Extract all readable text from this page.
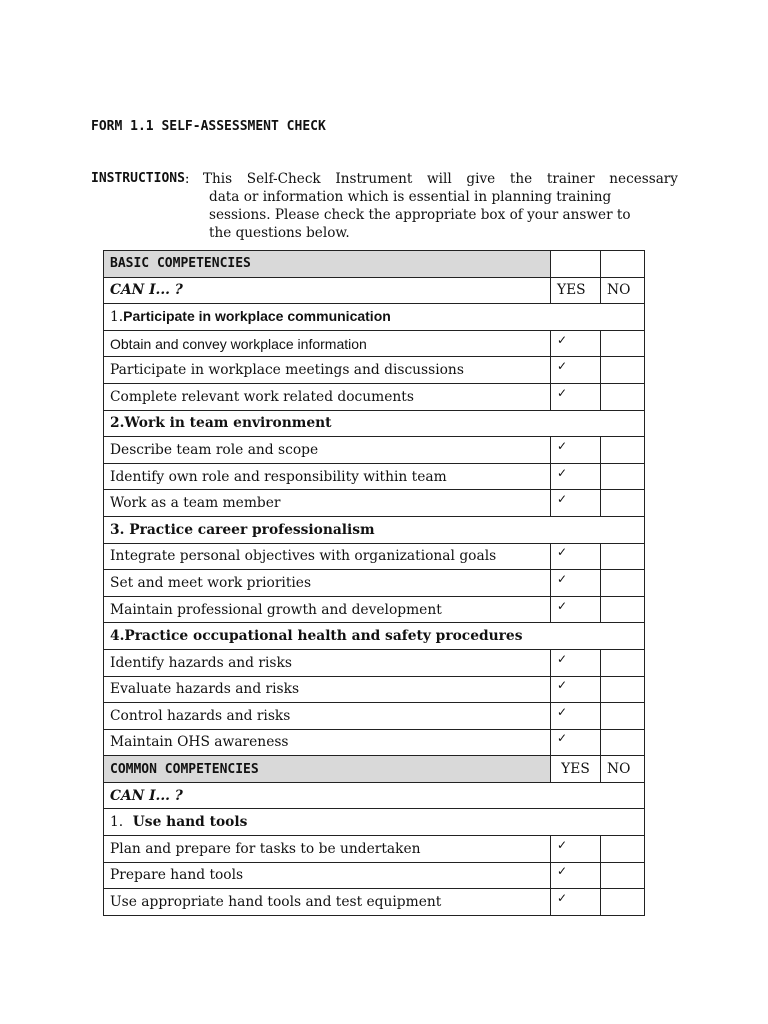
FORM 1.1 SELF-ASSESSMENT CHECK
INSTRUCTIONS : This Self-Check Instrument will give the trainer necessary
data or information which is essential in planning training
sessions. Please check the appropriate box of your answer to
the questions below.
BASIC COMPETENCIES		
CAN I... ?	YES	NO
1.Participate in workplace communication		
Obtain and convey workplace information	✓	
Participate in workplace meetings and discussions	✓	
Complete relevant work related documents	✓	
2.Work in team environment		
Describe team role and scope	✓	
Identify own role and responsibility within team	✓	
Work as a team member	✓	
3. Practice career professionalism		
Integrate personal objectives with organizational goals	✓	
Set and meet work priorities	✓	
Maintain professional growth and development	✓	
4.Practice occupational health and safety procedures		
Identify hazards and risks	✓	
Evaluate hazards and risks	✓	
Control hazards and risks	✓	
Maintain OHS awareness	✓	
COMMON COMPETENCIES	YES	NO
CAN I... ?		
1.  Use hand tools		
Plan and prepare for tasks to be undertaken	✓	
Prepare hand tools	✓	
Use appropriate hand tools and test equipment	✓	
